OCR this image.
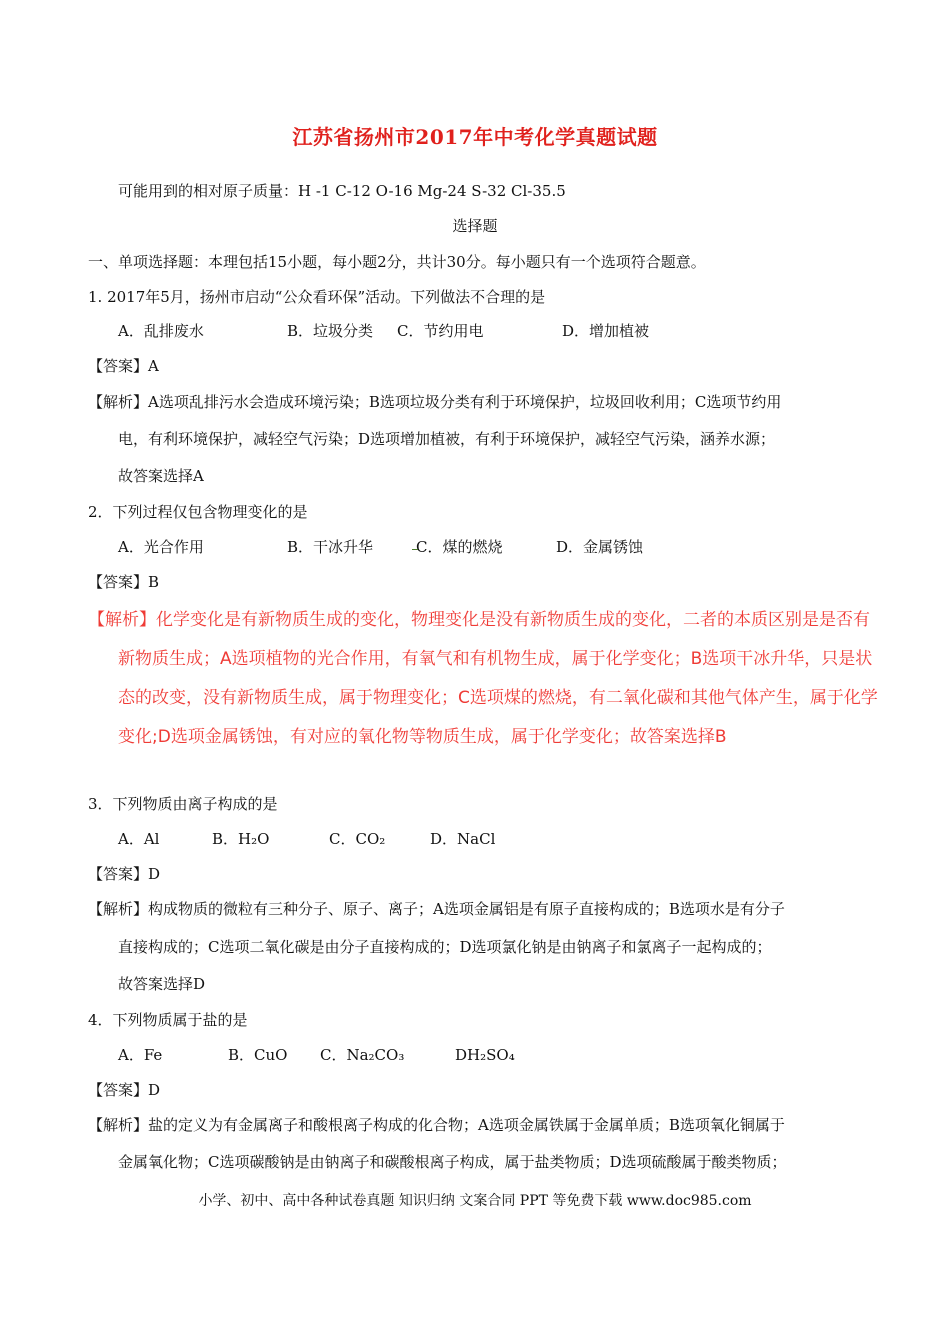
江苏省扬州市2017年中考化学真题试题
可能用到的相对原子质量：H -1 C-12 O-16 Mg-24 S-32 Cl-35.5
选择题
一、单项选择题：本理包括15小题，每小题2分，共计30分。每小题只有一个选项符合题意。
1. 2017年5月，扬州市启动“公众看环保”活动。下列做法不合理的是
A．乱排废水	B．垃圾分类 C．节约用电	D．增加植被
【答案】A
【解析】A选项乱排污水会造成环境污染；B选项垃圾分类有利于环境保护，垃圾回收利用；C选项节约用
电，有利环境保护，减轻空气污染；D选项增加植被，有利于环境保护，减轻空气污染，涵养水源；
故答案选择A
2．下列过程仅包含物理变化的是
A．光合作用	B．干冰升华	C．煤的燃烧	D．金属锈蚀
【答案】B
【解析】化学变化是有新物质生成的变化，物理变化是没有新物质生成的变化，二者的本质区别是是否有
新物质生成；A选项植物的光合作用，有氧气和有机物生成，属于化学变化；B选项干冰升华，只是状
态的改变，没有新物质生成，属于物理变化；C选项煤的燃烧，有二氧化碳和其他气体产生，属于化学
变化;D选项金属锈蚀，有对应的氧化物等物质生成，属于化学变化；故答案选择B
3．下列物质由离子构成的是
A．Al	B．H₂O	C．CO₂	D．NaCl
【答案】D
【解析】构成物质的微粒有三种分子、原子、离子；A选项金属铝是有原子直接构成的；B选项水是有分子
直接构成的；C选项二氧化碳是由分子直接构成的；D选项氯化钠是由钠离子和氯离子一起构成的；
故答案选择D
4．下列物质属于盐的是
A．Fe	B．CuO C．Na₂CO₃	DH₂SO₄
【答案】D
【解析】盐的定义为有金属离子和酸根离子构成的化合物；A选项金属铁属于金属单质；B选项氧化铜属于
金属氧化物；C选项碳酸钠是由钠离子和碳酸根离子构成，属于盐类物质；D选项硫酸属于酸类物质；
小学、初中、高中各种试卷真题 知识归纳 文案合同 PPT 等免费下载 www.doc985.com
